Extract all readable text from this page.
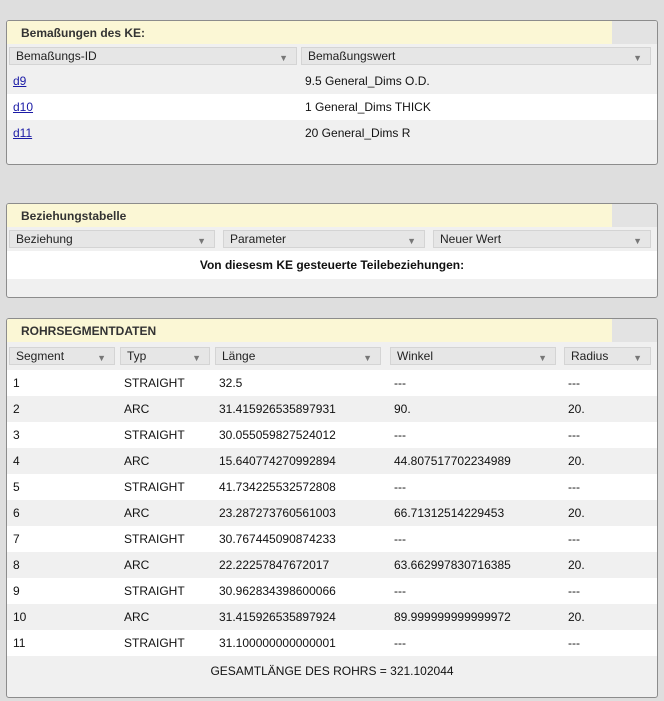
Bemaßungen des KE:
Bemaßungs-ID	▼	Bemaßungswert	▼
d9	9.5 General_Dims O.D.
d10	1 General_Dims THICK
d11	20 General_Dims R
Beziehungstabelle
Beziehung	▼	Parameter	▼	Neuer Wert	▼
Von diesesm KE gesteuerte Teilebeziehungen:
ROHRSEGMENTDATEN
Segment	▼	Typ	▼	Länge	▼	Winkel	▼	Radius	▼
1	STRAIGHT	32.5	---	---
2	ARC	31.415926535897931	90.	20.
3	STRAIGHT	30.055059827524012	---	---
4	ARC	15.640774270992894	44.807517702234989	20.
5	STRAIGHT	41.734225532572808	---	---
6	ARC	23.287273760561003	66.71312514229453	20.
7	STRAIGHT	30.767445090874233	---	---
8	ARC	22.22257847672017	63.662997830716385	20.
9	STRAIGHT	30.962834398600066	---	---
10	ARC	31.415926535897924	89.999999999999972	20.
11	STRAIGHT	31.100000000000001	---	---
GESAMTLÄNGE DES ROHRS = 321.102044
